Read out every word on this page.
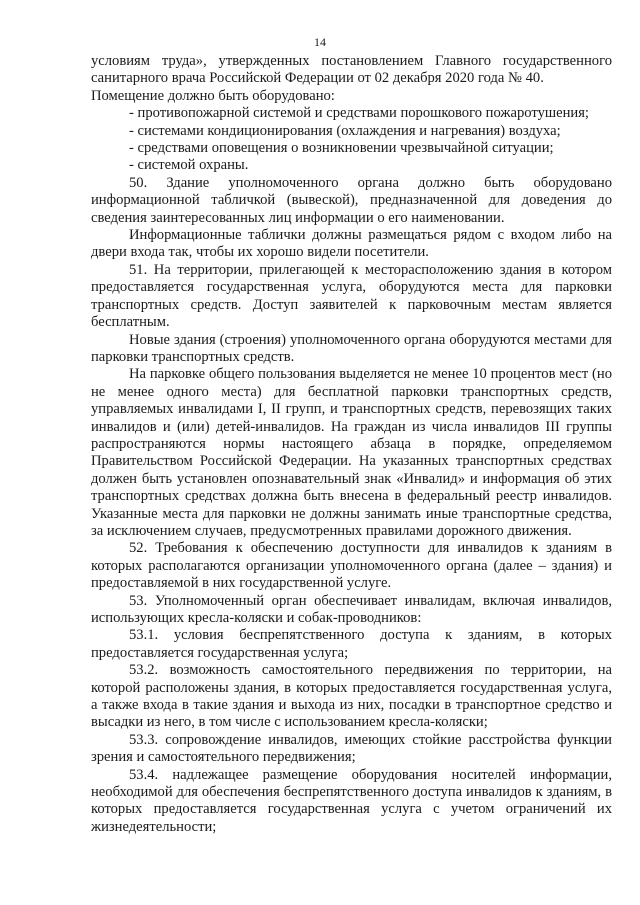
14

условиям труда», утвержденных постановлением Главного государственного санитарного врача Российской Федерации от 02 декабря 2020 года № 40.

Помещение должно быть оборудовано:

- противопожарной системой и средствами порошкового пожаротушения;

- системами кондиционирования (охлаждения и нагревания) воздуха;

- средствами оповещения о возникновении чрезвычайной ситуации;

- системой охраны.

50. Здание уполномоченного органа должно быть оборудовано информационной табличкой (вывеской), предназначенной для доведения до сведения заинтересованных лиц информации о его наименовании.

Информационные таблички должны размещаться рядом с входом либо на двери входа так, чтобы их хорошо видели посетители.

51. На территории, прилегающей к месторасположению здания в котором предоставляется государственная услуга, оборудуются места для парковки транспортных средств. Доступ заявителей к парковочным местам является бесплатным.

Новые здания (строения) уполномоченного органа оборудуются местами для парковки транспортных средств.

На парковке общего пользования выделяется не менее 10 процентов мест (но не менее одного места) для бесплатной парковки транспортных средств, управляемых инвалидами I, II групп, и транспортных средств, перевозящих таких инвалидов и (или) детей-инвалидов. На граждан из числа инвалидов III группы распространяются нормы настоящего абзаца в порядке, определяемом Правительством Российской Федерации. На указанных транспортных средствах должен быть установлен опознавательный знак «Инвалид» и информация об этих транспортных средствах должна быть внесена в федеральный реестр инвалидов. Указанные места для парковки не должны занимать иные транспортные средства, за исключением случаев, предусмотренных правилами дорожного движения.

52. Требования к обеспечению доступности для инвалидов к зданиям в которых располагаются организации уполномоченного органа (далее – здания) и предоставляемой в них государственной услуге.

53. Уполномоченный орган обеспечивает инвалидам, включая инвалидов, использующих кресла-коляски и собак-проводников:

53.1. условия беспрепятственного доступа к зданиям, в которых предоставляется государственная услуга;

53.2. возможность самостоятельного передвижения по территории, на которой расположены здания, в которых предоставляется государственная услуга, а также входа в такие здания и выхода из них, посадки в транспортное средство и высадки из него, в том числе с использованием кресла-коляски;

53.3. сопровождение инвалидов, имеющих стойкие расстройства функции зрения и самостоятельного передвижения;

53.4. надлежащее размещение оборудования носителей информации, необходимой для обеспечения беспрепятственного доступа инвалидов к зданиям, в которых предоставляется государственная услуга с учетом ограничений их жизнедеятельности;
